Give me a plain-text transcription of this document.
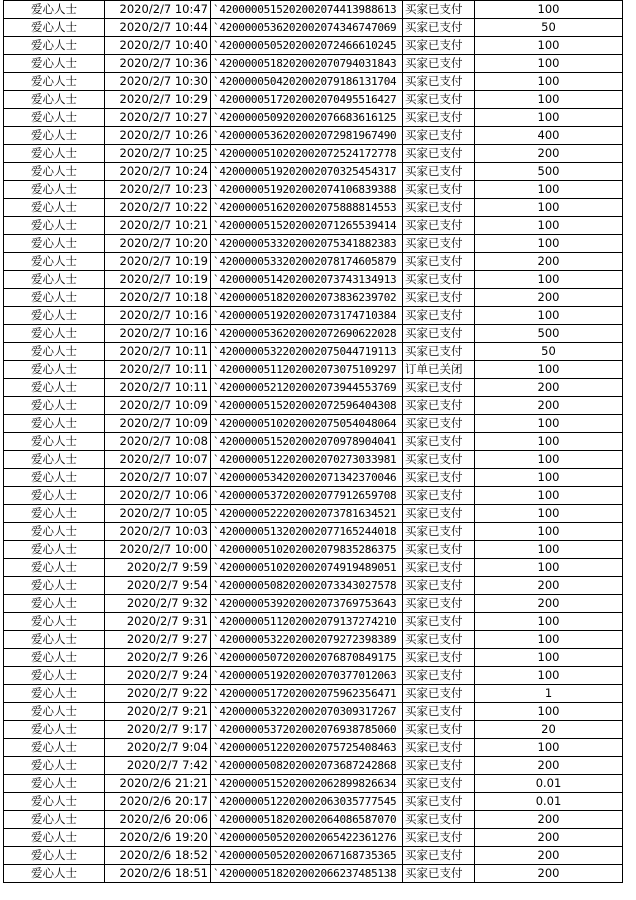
爱心人士	2020/2/7 10:47	`4200000515202002074413988613	买家已支付	100
爱心人士	2020/2/7 10:44	`4200000536202002074346747069	买家已支付	50
爱心人士	2020/2/7 10:40	`4200000505202002072466610245	买家已支付	100
爱心人士	2020/2/7 10:36	`4200000518202002070794031843	买家已支付	100
爱心人士	2020/2/7 10:30	`4200000504202002079186131704	买家已支付	100
爱心人士	2020/2/7 10:29	`4200000517202002070495516427	买家已支付	100
爱心人士	2020/2/7 10:27	`4200000509202002076683616125	买家已支付	100
爱心人士	2020/2/7 10:26	`4200000536202002072981967490	买家已支付	400
爱心人士	2020/2/7 10:25	`4200000510202002072524172778	买家已支付	200
爱心人士	2020/2/7 10:24	`4200000519202002070325454317	买家已支付	500
爱心人士	2020/2/7 10:23	`4200000519202002074106839388	买家已支付	100
爱心人士	2020/2/7 10:22	`4200000516202002075888814553	买家已支付	100
爱心人士	2020/2/7 10:21	`4200000515202002071265539414	买家已支付	100
爱心人士	2020/2/7 10:20	`4200000533202002075341882383	买家已支付	100
爱心人士	2020/2/7 10:19	`4200000533202002078174605879	买家已支付	200
爱心人士	2020/2/7 10:19	`4200000514202002073743134913	买家已支付	100
爱心人士	2020/2/7 10:18	`4200000518202002073836239702	买家已支付	200
爱心人士	2020/2/7 10:16	`4200000519202002073174710384	买家已支付	100
爱心人士	2020/2/7 10:16	`4200000536202002072690622028	买家已支付	500
爱心人士	2020/2/7 10:11	`4200000532202002075044719113	买家已支付	50
爱心人士	2020/2/7 10:11	`4200000511202002073075109297	订单已关闭	100
爱心人士	2020/2/7 10:11	`4200000521202002073944553769	买家已支付	200
爱心人士	2020/2/7 10:09	`4200000515202002072596404308	买家已支付	200
爱心人士	2020/2/7 10:09	`4200000510202002075054048064	买家已支付	100
爱心人士	2020/2/7 10:08	`4200000515202002070978904041	买家已支付	100
爱心人士	2020/2/7 10:07	`4200000512202002070273033981	买家已支付	100
爱心人士	2020/2/7 10:07	`4200000534202002071342370046	买家已支付	100
爱心人士	2020/2/7 10:06	`4200000537202002077912659708	买家已支付	100
爱心人士	2020/2/7 10:05	`4200000522202002073781634521	买家已支付	100
爱心人士	2020/2/7 10:03	`4200000513202002077165244018	买家已支付	100
爱心人士	2020/2/7 10:00	`4200000510202002079835286375	买家已支付	100
爱心人士	2020/2/7 9:59	`4200000510202002074919489051	买家已支付	100
爱心人士	2020/2/7 9:54	`4200000508202002073343027578	买家已支付	200
爱心人士	2020/2/7 9:32	`4200000539202002073769753643	买家已支付	200
爱心人士	2020/2/7 9:31	`4200000511202002079137274210	买家已支付	100
爱心人士	2020/2/7 9:27	`4200000532202002079272398389	买家已支付	100
爱心人士	2020/2/7 9:26	`4200000507202002076870849175	买家已支付	100
爱心人士	2020/2/7 9:24	`4200000519202002070377012063	买家已支付	100
爱心人士	2020/2/7 9:22	`4200000517202002075962356471	买家已支付	1
爱心人士	2020/2/7 9:21	`4200000532202002070309317267	买家已支付	100
爱心人士	2020/2/7 9:17	`4200000537202002076938785060	买家已支付	20
爱心人士	2020/2/7 9:04	`4200000512202002075725408463	买家已支付	100
爱心人士	2020/2/7 7:42	`4200000508202002073687242868	买家已支付	200
爱心人士	2020/2/6 21:21	`4200000515202002062899826634	买家已支付	0.01
爱心人士	2020/2/6 20:17	`4200000512202002063035777545	买家已支付	0.01
爱心人士	2020/2/6 20:06	`4200000518202002064086587070	买家已支付	200
爱心人士	2020/2/6 19:20	`4200000505202002065422361276	买家已支付	200
爱心人士	2020/2/6 18:52	`4200000505202002067168735365	买家已支付	200
爱心人士	2020/2/6 18:51	`4200000518202002066237485138	买家已支付	200
